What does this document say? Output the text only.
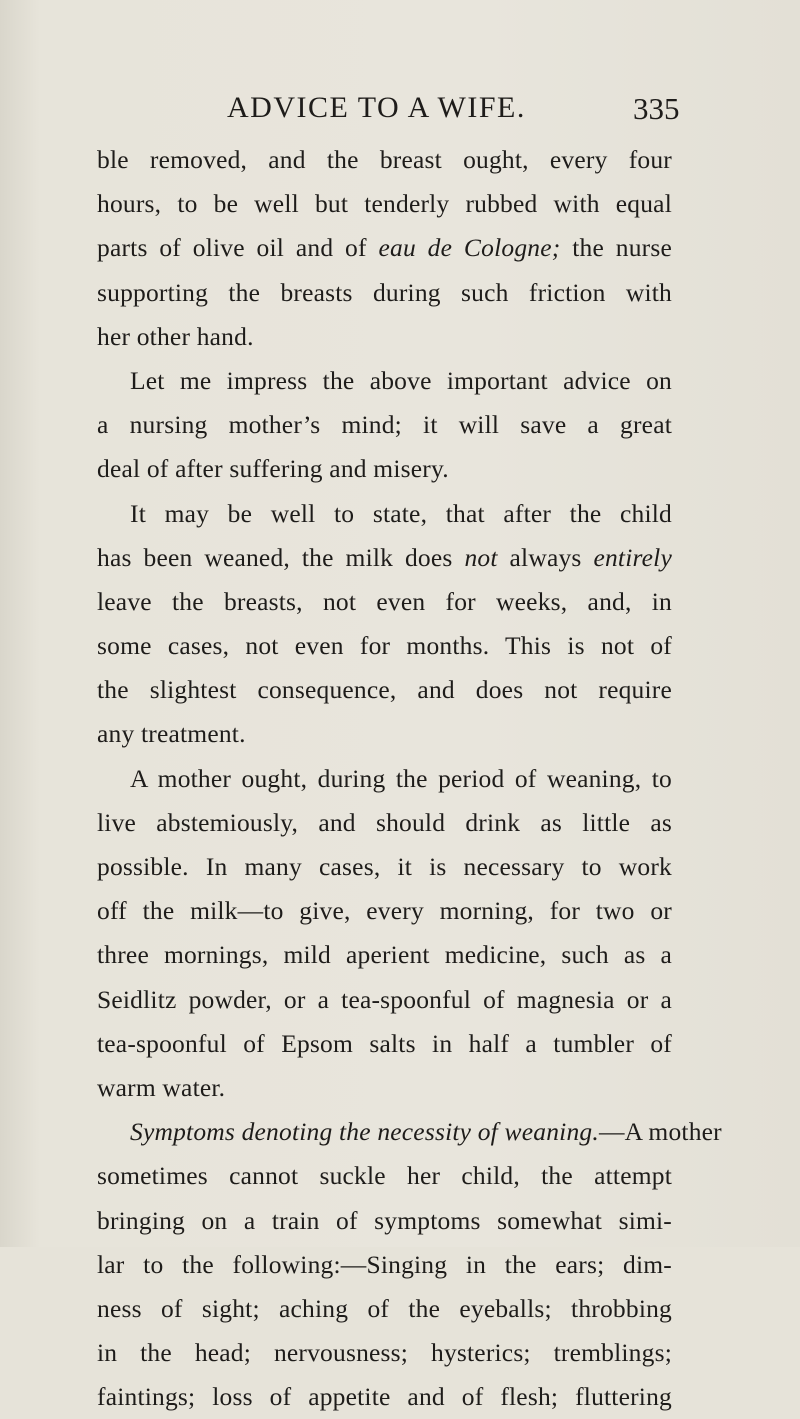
ADVICE TO A WIFE.	335
ble removed, and the breast ought, every four
hours, to be well but tenderly rubbed with equal
parts of olive oil and of eau de Cologne; the nurse
supporting the breasts during such friction with
her other hand.
Let me impress the above important advice on
a nursing mother’s mind; it will save a great
deal of after suffering and misery.
It may be well to state, that after the child
has been weaned, the milk does not always entirely
leave the breasts, not even for weeks, and, in
some cases, not even for months. This is not of
the slightest consequence, and does not require
any treatment.
A mother ought, during the period of weaning, to
live abstemiously, and should drink as little as
possible. In many cases, it is necessary to work
off the milk—to give, every morning, for two or
three mornings, mild aperient medicine, such as a
Seidlitz powder, or a tea-spoonful of magnesia or a
tea-spoonful of Epsom salts in half a tumbler of
warm water.
Symptoms denoting the necessity of weaning.—A mother
sometimes cannot suckle her child, the attempt
bringing on a train of symptoms somewhat simi-
lar to the following:—Singing in the ears; dim-
ness of sight; aching of the eyeballs; throbbing
in the head; nervousness; hysterics; tremblings;
faintings; loss of appetite and of flesh; fluttering
